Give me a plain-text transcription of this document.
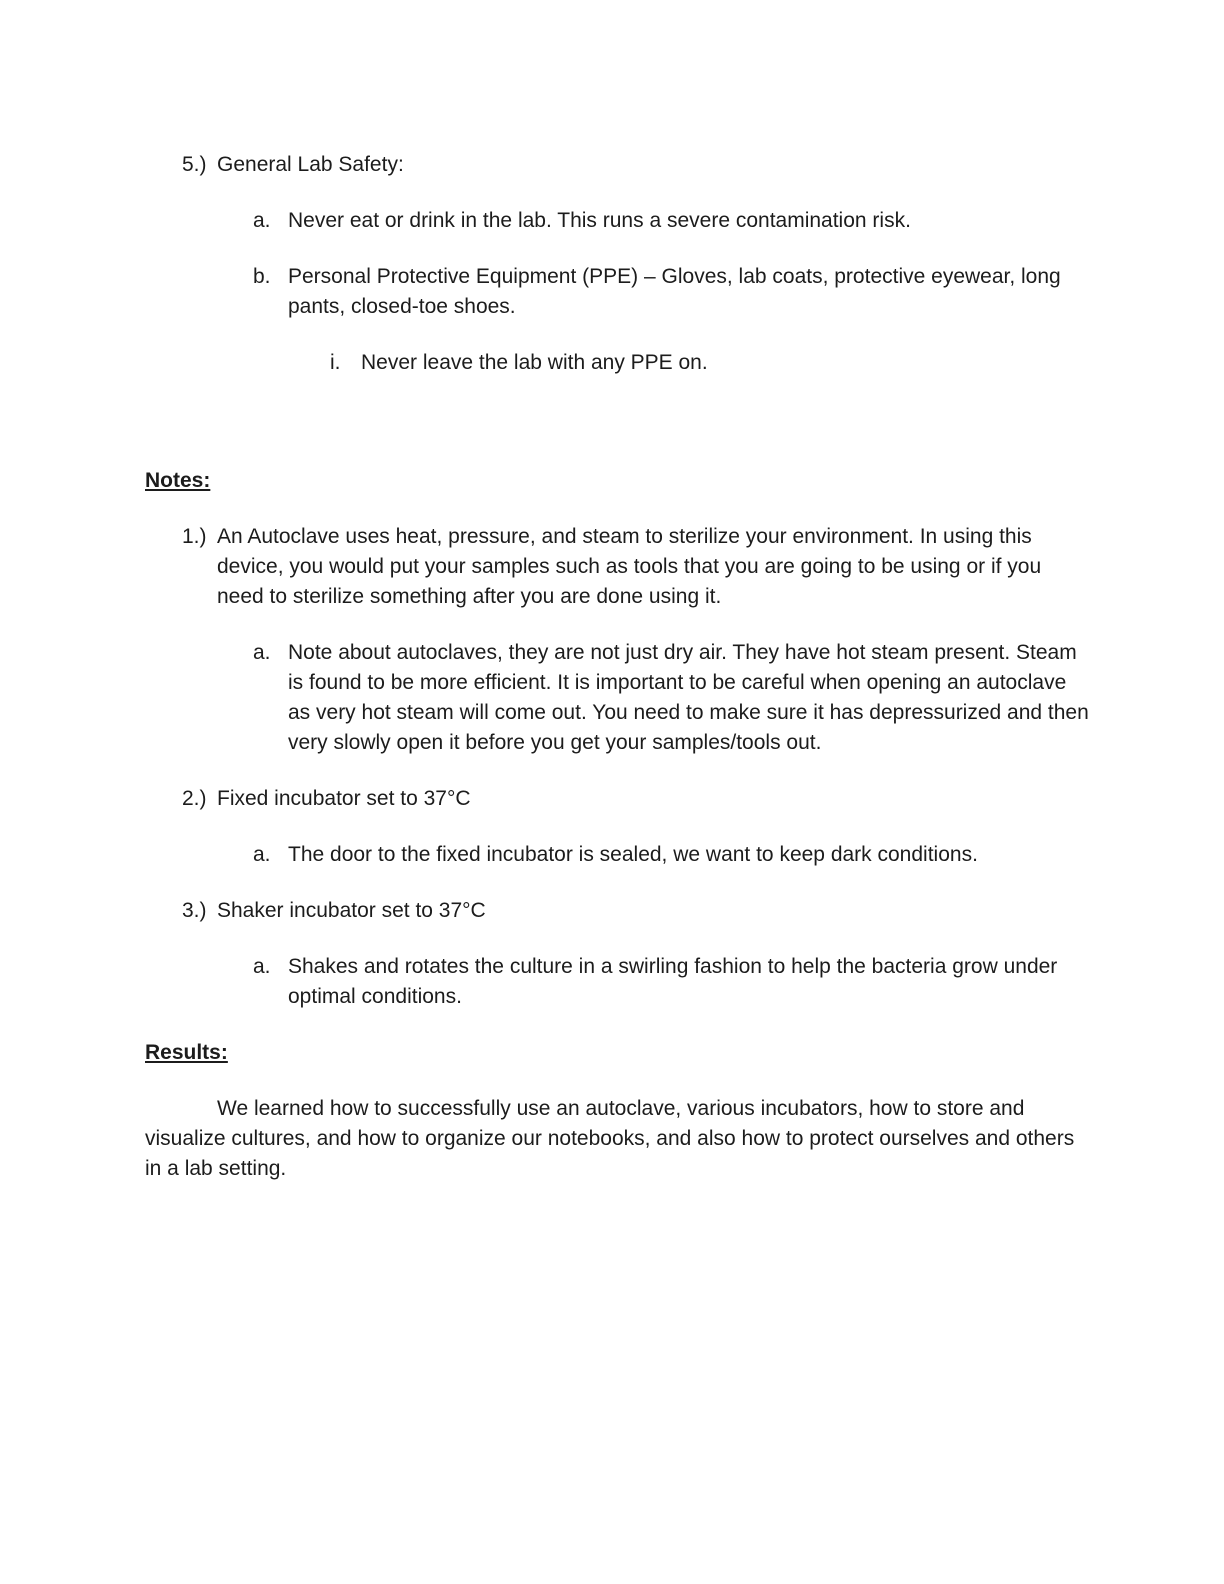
5.) General Lab Safety:
a. Never eat or drink in the lab. This runs a severe contamination risk.
b. Personal Protective Equipment (PPE) – Gloves, lab coats, protective eyewear, long pants, closed-toe shoes.
i. Never leave the lab with any PPE on.
Notes:
1.) An Autoclave uses heat, pressure, and steam to sterilize your environment. In using this device, you would put your samples such as tools that you are going to be using or if you need to sterilize something after you are done using it.
a. Note about autoclaves, they are not just dry air. They have hot steam present. Steam is found to be more efficient. It is important to be careful when opening an autoclave as very hot steam will come out. You need to make sure it has depressurized and then very slowly open it before you get your samples/tools out.
2.) Fixed incubator set to 37°C
a. The door to the fixed incubator is sealed, we want to keep dark conditions.
3.) Shaker incubator set to 37°C
a. Shakes and rotates the culture in a swirling fashion to help the bacteria grow under optimal conditions.
Results:

We learned how to successfully use an autoclave, various incubators, how to store and visualize cultures, and how to organize our notebooks, and also how to protect ourselves and others in a lab setting.
